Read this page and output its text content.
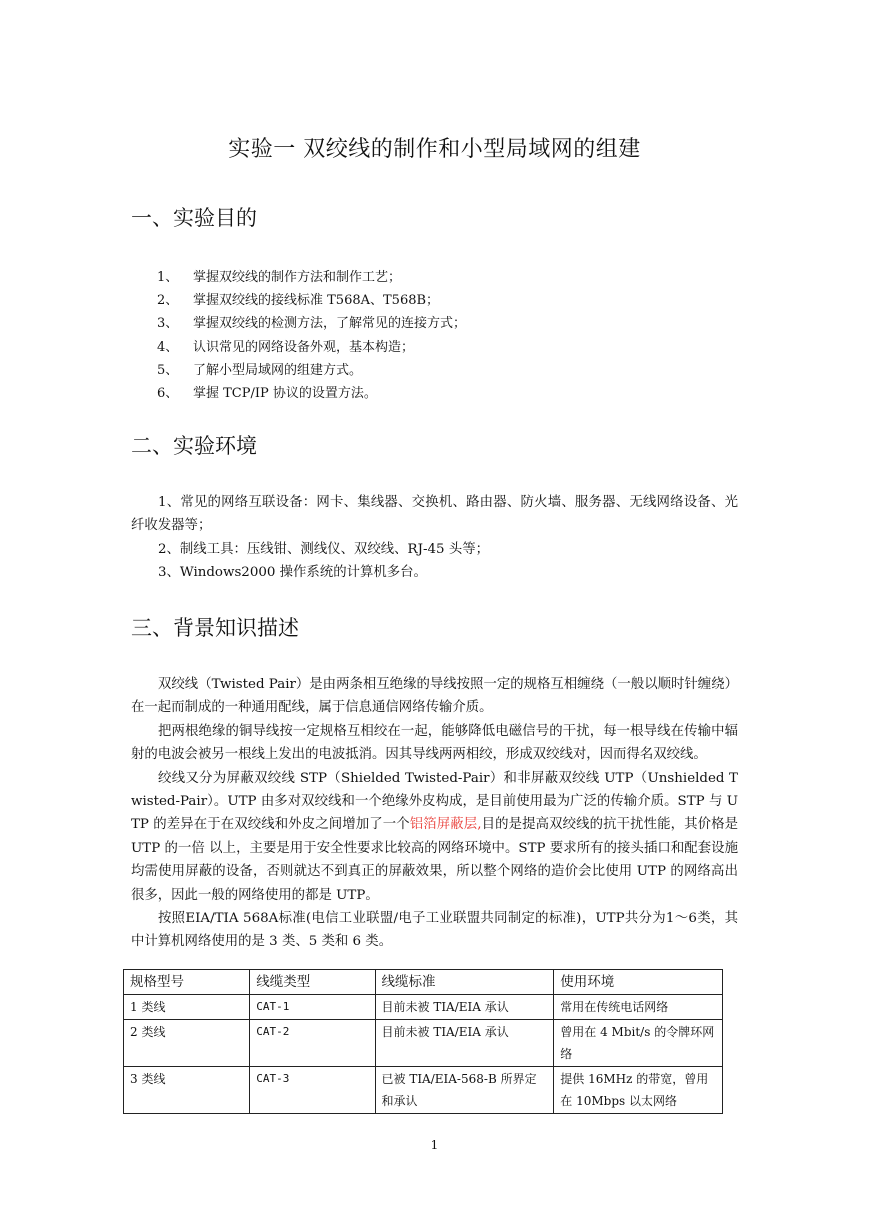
实验一 双绞线的制作和小型局域网的组建
一、实验目的
1、 掌握双绞线的制作方法和制作工艺；
2、 掌握双绞线的接线标准 T568A、T568B；
3、 掌握双绞线的检测方法，了解常见的连接方式；
4、 认识常见的网络设备外观，基本构造；
5、 了解小型局域网的组建方式。
6、 掌握 TCP/IP 协议的设置方法。
二、实验环境

1、常见的网络互联设备：网卡、集线器、交换机、路由器、防火墙、服务器、无线网络设备、光纤收发器等；

2、制线工具：压线钳、测线仪、双绞线、RJ-45 头等；

3、Windows2000 操作系统的计算机多台。

三、背景知识描述

双绞线（Twisted Pair）是由两条相互绝缘的导线按照一定的规格互相缠绕（一般以顺时针缠绕）在一起而制成的一种通用配线，属于信息通信网络传输介质。

把两根绝缘的铜导线按一定规格互相绞在一起，能够降低电磁信号的干扰，每一根导线在传输中辐射的电波会被另一根线上发出的电波抵消。因其导线两两相绞，形成双绞线对，因而得名双绞线。

绞线又分为屏蔽双绞线 STP（Shielded Twisted-Pair）和非屏蔽双绞线 UTP（Unshielded Twisted-Pair）。UTP 由多对双绞线和一个绝缘外皮构成，是目前使用最为广泛的传输介质。STP 与 UTP 的差异在于在双绞线和外皮之间增加了一个铝箔屏蔽层,目的是提高双绞线的抗干扰性能，其价格是 UTP 的一倍 以上，主要是用于安全性要求比较高的网络环境中。STP 要求所有的接头插口和配套设施均需使用屏蔽的设备，否则就达不到真正的屏蔽效果，所以整个网络的造价会比使用 UTP 的网络高出很多，因此一般的网络使用的都是 UTP。

按照EIA/TIA 568A标准(电信工业联盟/电子工业联盟共同制定的标准)，UTP共分为1～6类，其中计算机网络使用的是 3 类、5 类和 6 类。

规格型号	线缆类型	线缆标准	使用环境
1 类线	CAT-1	目前未被 TIA/EIA 承认	常用在传统电话网络
2 类线	CAT-2	目前未被 TIA/EIA 承认	曾用在 4 Mbit/s 的令牌环网络
3 类线	CAT-3	已被 TIA/EIA-568-B 所界定和承认	提供 16MHz 的带宽，曾用在 10Mbps 以太网络
1
